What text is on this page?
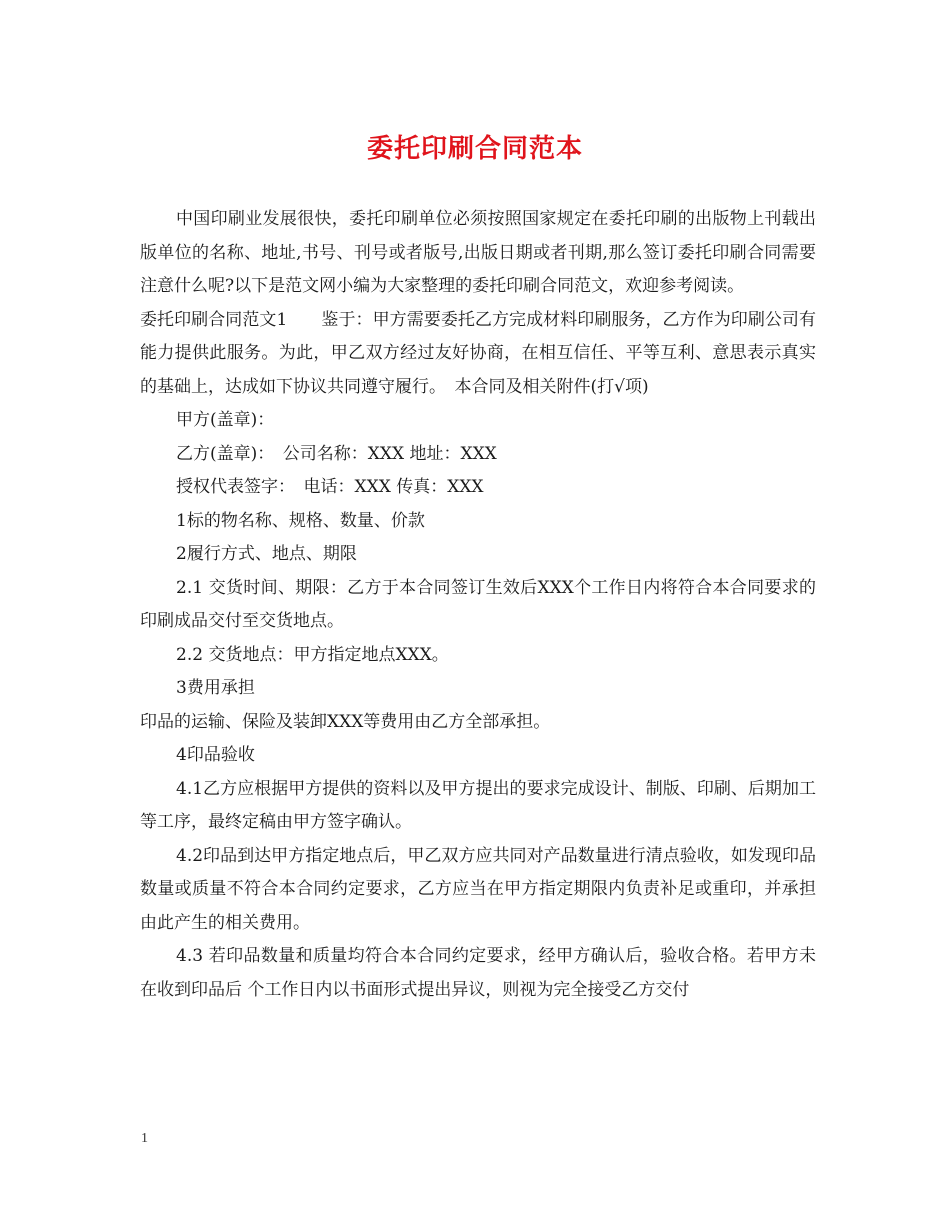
委托印刷合同范本

中国印刷业发展很快，委托印刷单位必须按照国家规定在委托印刷的出版物上刊载出版单位的名称、地址,书号、刊号或者版号,出版日期或者刊期,那么签订委托印刷合同需要注意什么呢?以下是范文网小编为大家整理的委托印刷合同范文，欢迎参考阅读。

委托印刷合同范文1　　鉴于：甲方需要委托乙方完成材料印刷服务，乙方作为印刷公司有能力提供此服务。为此，甲乙双方经过友好协商，在相互信任、平等互利、意思表示真实的基础上，达成如下协议共同遵守履行。　本合同及相关附件(打√项)

甲方(盖章)：

乙方(盖章)：　公司名称：XXX 地址：XXX

授权代表签字：　电话：XXX 传真：XXX

1标的物名称、规格、数量、价款

2履行方式、地点、期限

2.1 交货时间、期限：乙方于本合同签订生效后XXX个工作日内将符合本合同要求的印刷成品交付至交货地点。

2.2 交货地点：甲方指定地点XXX。

3费用承担

印品的运输、保险及装卸XXX等费用由乙方全部承担。

4印品验收

4.1乙方应根据甲方提供的资料以及甲方提出的要求完成设计、制版、印刷、后期加工等工序，最终定稿由甲方签字确认。

4.2印品到达甲方指定地点后，甲乙双方应共同对产品数量进行清点验收，如发现印品数量或质量不符合本合同约定要求，乙方应当在甲方指定期限内负责补足或重印，并承担由此产生的相关费用。

4.3 若印品数量和质量均符合本合同约定要求，经甲方确认后，验收合格。若甲方未在收到印品后 个工作日内以书面形式提出异议，则视为完全接受乙方交付

1
